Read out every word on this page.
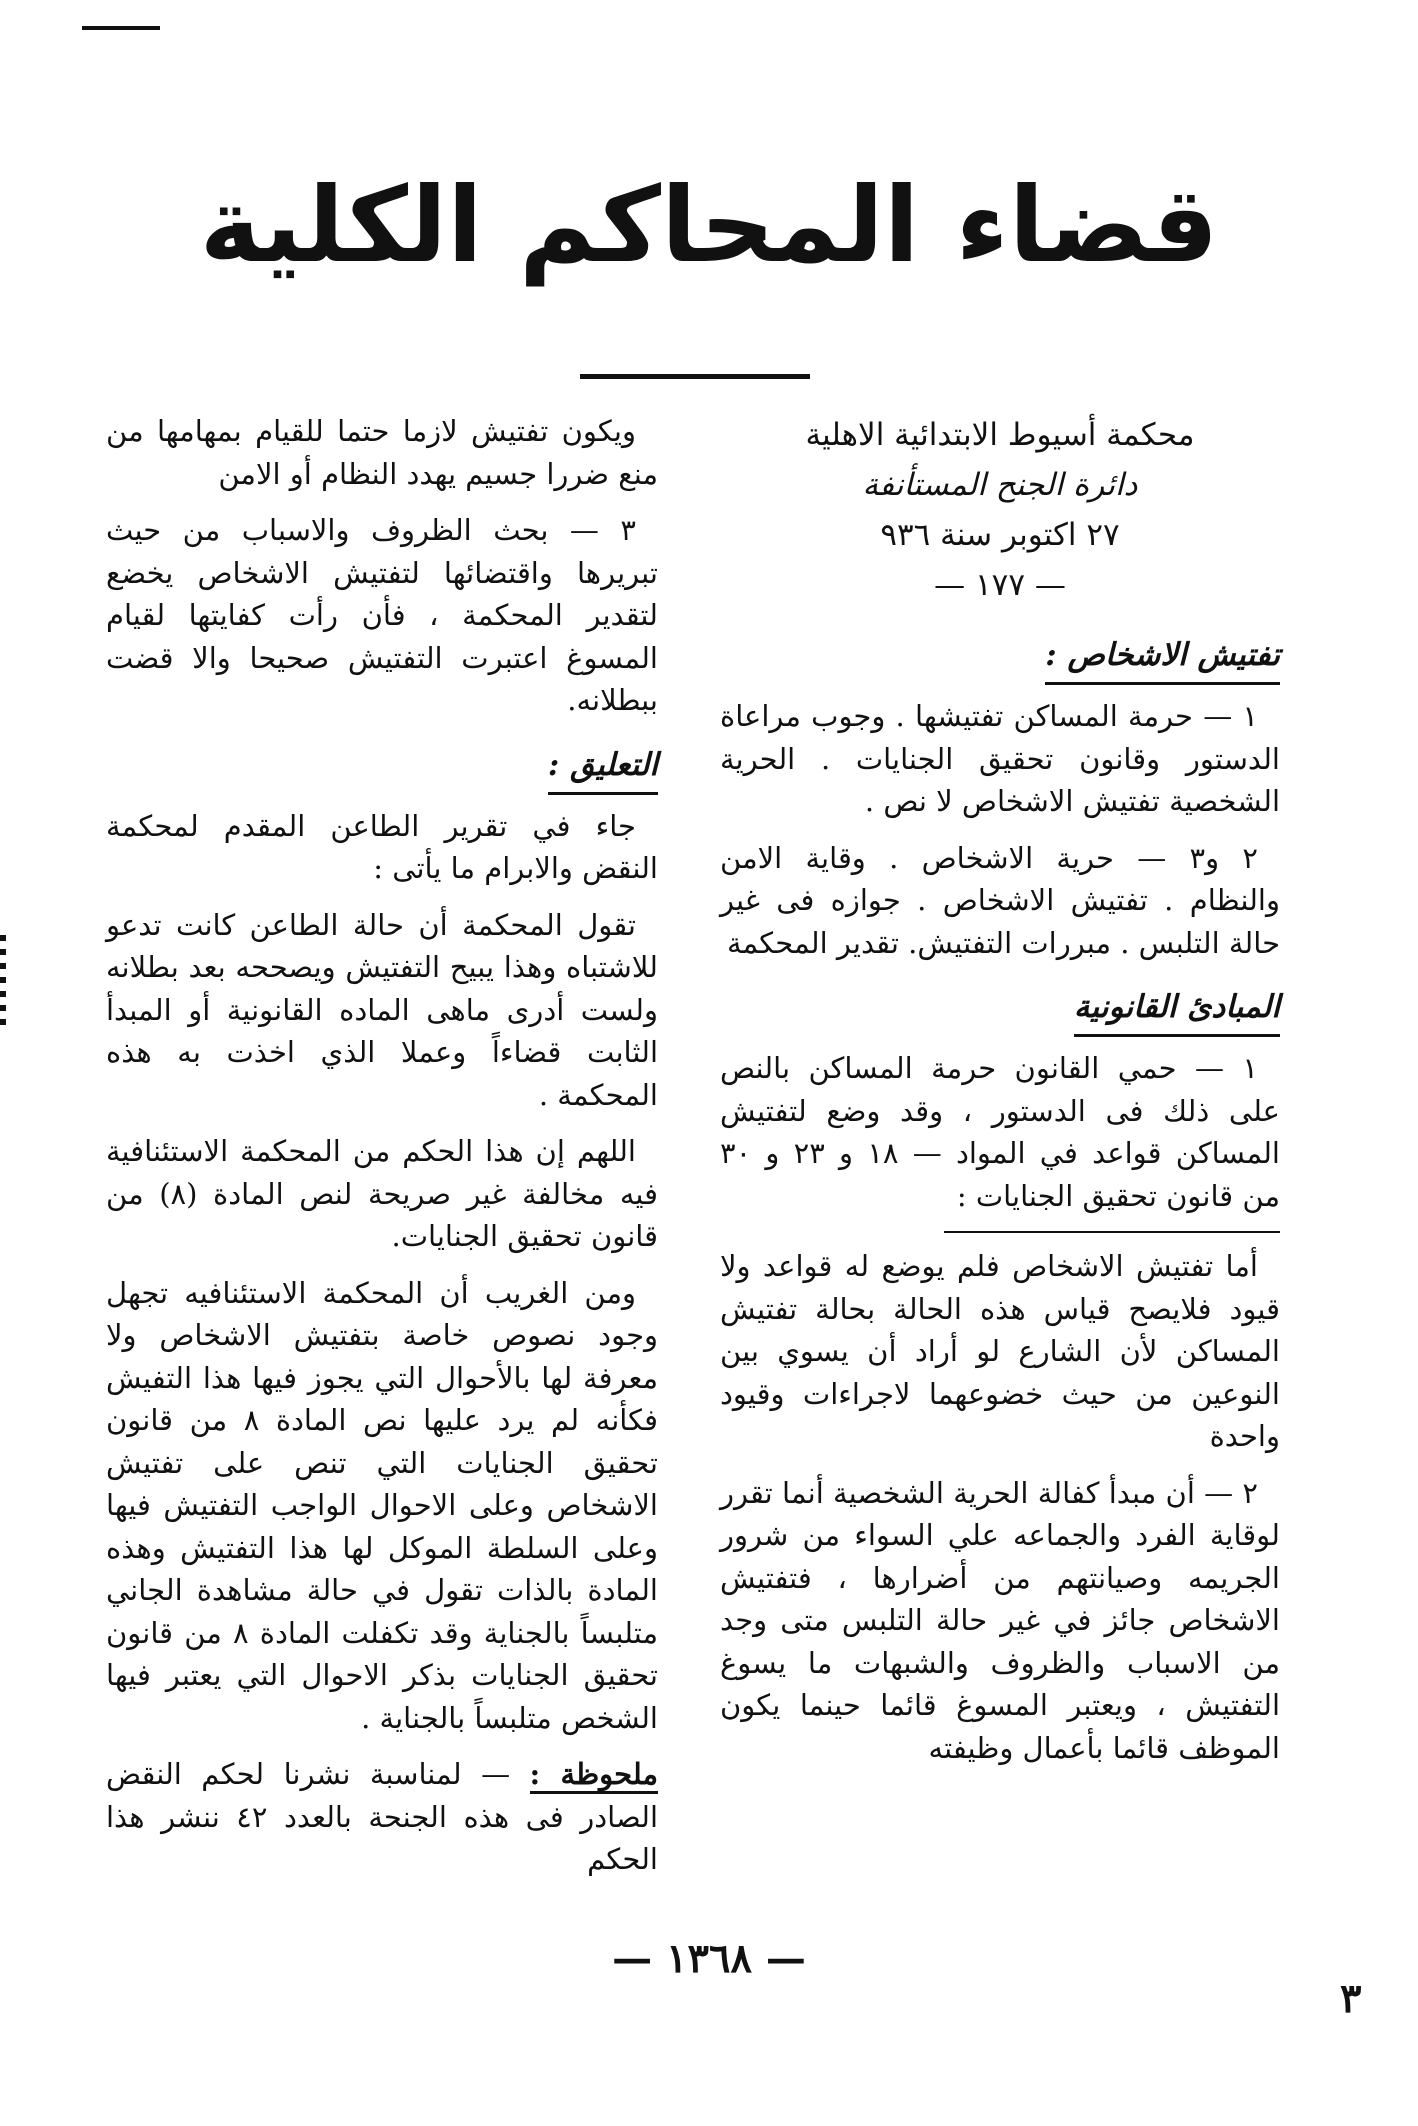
قضاء المحاكم الكلية
محكمة أسيوط الابتدائية الاهلية
دائرة الجنح المستأنفة
٢٧ اكتوبر سنة ٩٣٦
— ١٧٧ —
تفتيش الاشخاص :

١ — حرمة المساكن تفتيشها . وجوب مراعاة الدستور وقانون تحقيق الجنايات . الحرية الشخصية تفتيش الاشخاص لا نص .

٢ و٣ — حرية الاشخاص . وقاية الامن والنظام . تفتيش الاشخاص . جوازه فى غير حالة التلبس . مبررات التفتيش. تقدير المحكمة

المبادئ القانونية

١ — حمي القانون حرمة المساكن بالنص على ذلك فى الدستور ، وقد وضع لتفتيش المساكن قواعد في المواد — ١٨ و ٢٣ و ٣٠ من قانون تحقيق الجنايات :

أما تفتيش الاشخاص فلم يوضع له قواعد ولا قيود فلايصح قياس هذه الحالة بحالة تفتيش المساكن لأن الشارع لو أراد أن يسوي بين النوعين من حيث خضوعهما لاجراءات وقيود واحدة

٢ — أن مبدأ كفالة الحرية الشخصية أنما تقرر لوقاية الفرد والجماعه علي السواء من شرور الجريمه وصيانتهم من أضرارها ، فتفتيش الاشخاص جائز في غير حالة التلبس متى وجد من الاسباب والظروف والشبهات ما يسوغ التفتيش ، ويعتبر المسوغ قائما حينما يكون الموظف قائما بأعمال وظيفته

ويكون تفتيش لازما حتما للقيام بمهامها من منع ضررا جسيم يهدد النظام أو الامن

٣ — بحث الظروف والاسباب من حيث تبريرها واقتضائها لتفتيش الاشخاص يخضع لتقدير المحكمة ، فأن رأت كفايتها لقيام المسوغ اعتبرت التفتيش صحيحا والا قضت ببطلانه.

التعليق :

جاء في تقرير الطاعن المقدم لمحكمة النقض والابرام ما يأتى :

تقول المحكمة أن حالة الطاعن كانت تدعو للاشتباه وهذا يبيح التفتيش ويصححه بعد بطلانه ولست أدرى ماهى الماده القانونية أو المبدأ الثابت قضاءاً وعملا الذي اخذت به هذه المحكمة .

اللهم إن هذا الحكم من المحكمة الاستئنافية فيه مخالفة غير صريحة لنص المادة (٨) من قانون تحقيق الجنايات.

ومن الغريب أن المحكمة الاستئنافيه تجهل وجود نصوص خاصة بتفتيش الاشخاص ولا معرفة لها بالأحوال التي يجوز فيها هذا التفيش فكأنه لم يرد عليها نص المادة ٨ من قانون تحقيق الجنايات التي تنص على تفتيش الاشخاص وعلى الاحوال الواجب التفتيش فيها وعلى السلطة الموكل لها هذا التفتيش وهذه المادة بالذات تقول في حالة مشاهدة الجاني متلبساً بالجناية وقد تكفلت المادة ٨ من قانون تحقيق الجنايات بذكر الاحوال التي يعتبر فيها الشخص متلبساً بالجناية .

ملحوظة : — لمناسبة نشرنا لحكم النقض الصادر فى هذه الجنحة بالعدد ٤٢ ننشر هذا الحكم

— ١٣٦٨ —
٣
